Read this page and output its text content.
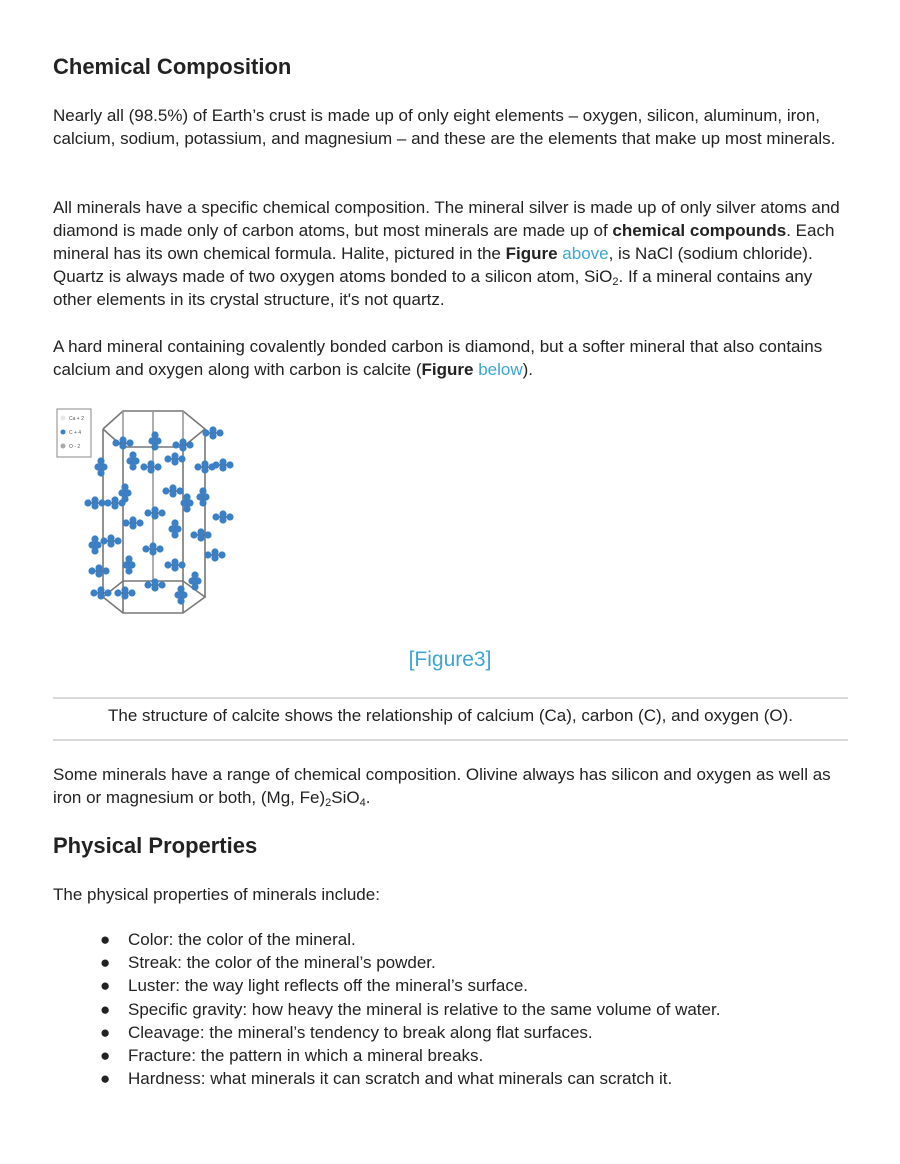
Chemical Composition

Nearly all (98.5%) of Earth’s crust is made up of only eight elements – oxygen, silicon, aluminum, iron, calcium, sodium, potassium, and magnesium – and these are the elements that make up most minerals.

All minerals have a specific chemical composition. The mineral silver is made up of only silver atoms and diamond is made only of carbon atoms, but most minerals are made up of chemical compounds. Each mineral has its own chemical formula. Halite, pictured in the Figure above, is NaCl (sodium chloride). Quartz is always made of two oxygen atoms bonded to a silicon atom, SiO$_2$. If a mineral contains any other elements in its crystal structure, it's not quartz.

A hard mineral containing covalently bonded carbon is diamond, but a softer mineral that also contains calcium and oxygen along with carbon is calcite (Figure below).

Ca + 2
C + 4
O - 2
[Figure3]
The structure of calcite shows the relationship of calcium (Ca), carbon (C), and oxygen (O).

Some minerals have a range of chemical composition. Olivine always has silicon and oxygen as well as iron or magnesium or both, (Mg, $Fe)_2SiO_4$.

Physical Properties

The physical properties of minerals include:

● Color: the color of the mineral.
● Streak: the color of the mineral’s powder.
● Luster: the way light reflects off the mineral’s surface.
● Specific gravity: how heavy the mineral is relative to the same volume of water.
● Cleavage: the mineral’s tendency to break along flat surfaces.
● Fracture: the pattern in which a mineral breaks.
● Hardness: what minerals it can scratch and what minerals can scratch it.
